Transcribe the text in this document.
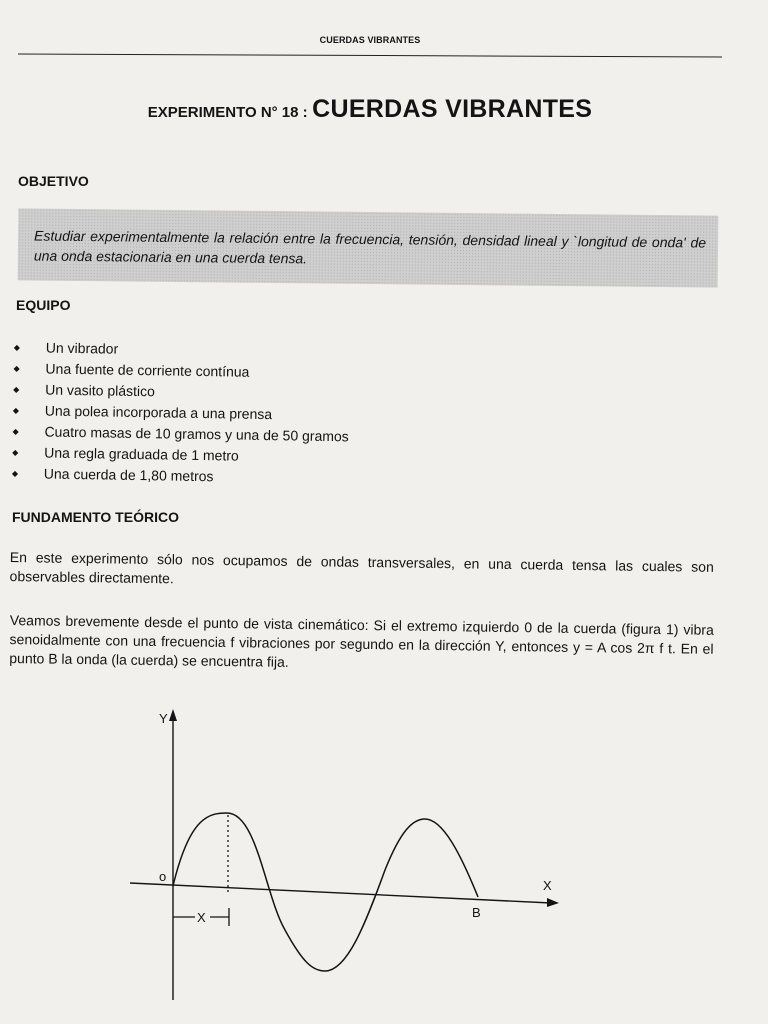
CUERDAS VIBRANTES
EXPERIMENTO N° 18 : CUERDAS VIBRANTES
OBJETIVO
Estudiar experimentalmente la relación entre la frecuencia, tensión, densidad lineal y `longitud de onda' de una onda estacionaria en una cuerda tensa.
EQUIPO
◆ Un vibrador
◆ Una fuente de corriente contínua
◆ Un vasito plástico
◆ Una polea incorporada a una prensa
◆ Cuatro masas de 10 gramos y una de 50 gramos
◆ Una regla graduada de 1 metro
◆ Una cuerda de 1,80 metros
FUNDAMENTO TEÓRICO
En este experimento sólo nos ocupamos de ondas transversales, en una cuerda tensa las cuales son observables directamente.
Veamos brevemente desde el punto de vista cinemático: Si el extremo izquierdo 0 de la cuerda (figura 1) vibra senoidalmente con una frecuencia f vibraciones por segundo en la dirección Y, entonces y = A cos 2π f t. En el punto B la onda (la cuerda) se encuentra fija.
Y
X
o
B
X
